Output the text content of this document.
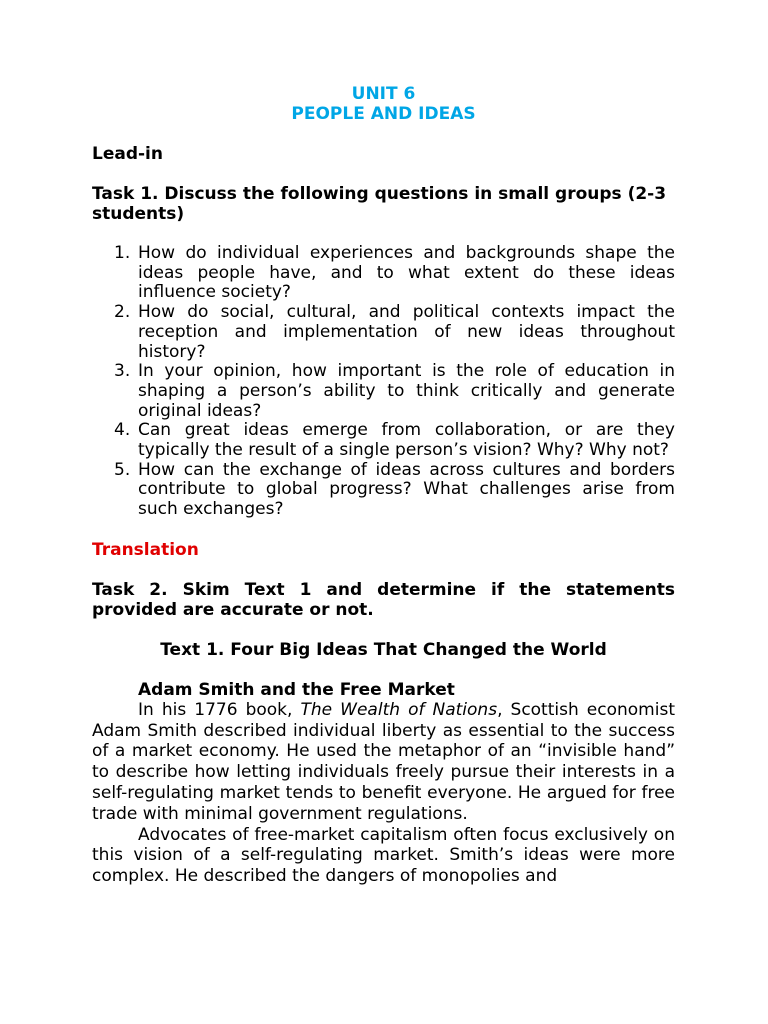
UNIT 6
PEOPLE AND IDEAS
Lead-in
Task 1. Discuss the following questions in small groups (2-3 students)
1. How do individual experiences and backgrounds shape the ideas people have, and to what extent do these ideas influence society?
2. How do social, cultural, and political contexts impact the reception and implementation of new ideas throughout history?
3. In your opinion, how important is the role of education in shaping a person’s ability to think critically and generate original ideas?
4. Can great ideas emerge from collaboration, or are they typically the result of a single person’s vision? Why? Why not?
5. How can the exchange of ideas across cultures and borders contribute to global progress? What challenges arise from such exchanges?
Translation
Task 2. Skim Text 1 and determine if the statements provided are accurate or not.
Text 1. Four Big Ideas That Changed the World
Adam Smith and the Free Market

In his 1776 book, The Wealth of Nations, Scottish economist Adam Smith described individual liberty as essential to the success of a market economy. He used the metaphor of an “invisible hand” to describe how letting individuals freely pursue their interests in a self-regulating market tends to benefit everyone. He argued for free trade with minimal government regulations.

Advocates of free-market capitalism often focus exclusively on this vision of a self-regulating market. Smith’s ideas were more complex. He described the dangers of monopolies and
